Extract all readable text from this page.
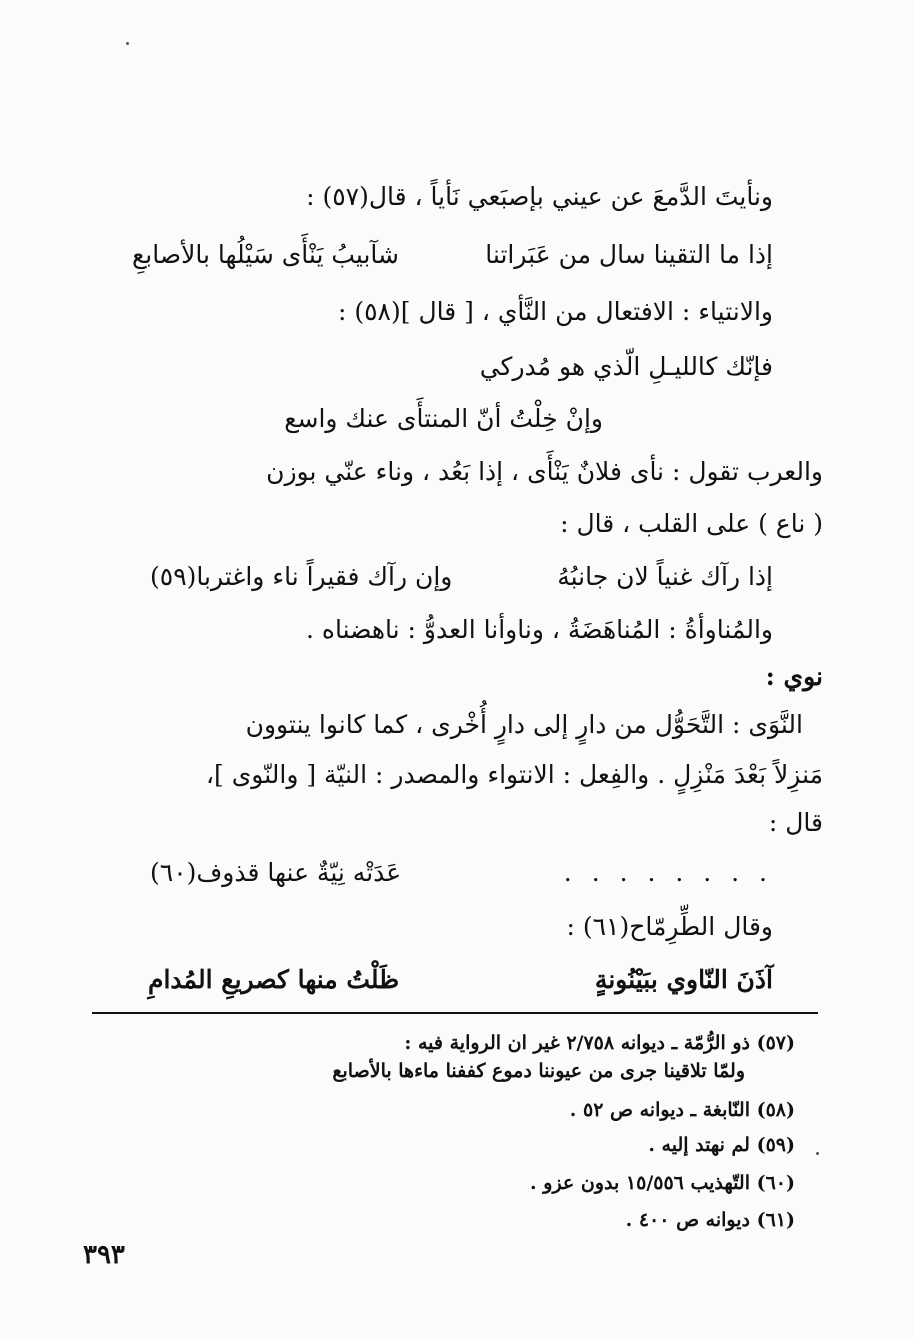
ونأيتَ الدَّمعَ عن عيني بإصبَعي نَأياً ، قال(٥٧) :
إذا ما التقينا سال من عَبَراتنا
شآبيبُ يَنْأَى سَيْلُها بالأصابعِ
والانتياء : الافتعال من النَّأي ، [ قال ](٥٨) :
فإنّك كالليـلِ الّذي هو مُدركي
وإنْ خِلْتُ أنّ المنتأَى عنك واسع
والعرب تقول : نأى فلانٌ يَنْأَى ، إذا بَعُد ، وناء عنّي بوزن
( ناع ) على القلب ، قال :
إذا رآك غنياً لان جانبُهُ
وإن رآك فقيراً ناء واغتربا(٥٩)
والمُناوأةُ : المُناهَضَةُ ، وناوأنا العدوُّ : ناهضناه .
نوي :
النَّوَى : التَّحَوُّل من دارٍ إلى دارٍ أُخْرى ، كما كانوا ينتوون
مَنزِلاً بَعْدَ مَنْزِلٍ . والفِعل : الانتواء والمصدر : النيّة [ والنّوى ]،
قال :
. . . . . . . .
عَدَتْه نِيّةٌ عنها قذوف(٦٠)
وقال الطِّرِمّاح(٦١) :
آذَنَ النّاوي ببَيْنُونةٍ
ظَلْتُ منها كصريعِ المُدامِ
(٥٧) ذو الرُّمّة ـ ديوانه ٢/٧٥٨ غير ان الرواية فيه :
ولمّا تلاقينا جرى من عيوننا دموع كففنا ماءها بالأصابع
(٥٨) النّابغة ـ ديوانه ص ٥٢ .
(٥٩) لم نهتد إليه .
(٦٠) التّهذيب ١٥/٥٥٦ بدون عزو .
(٦١) ديوانه ص ٤٠٠ .
٣٩٣
